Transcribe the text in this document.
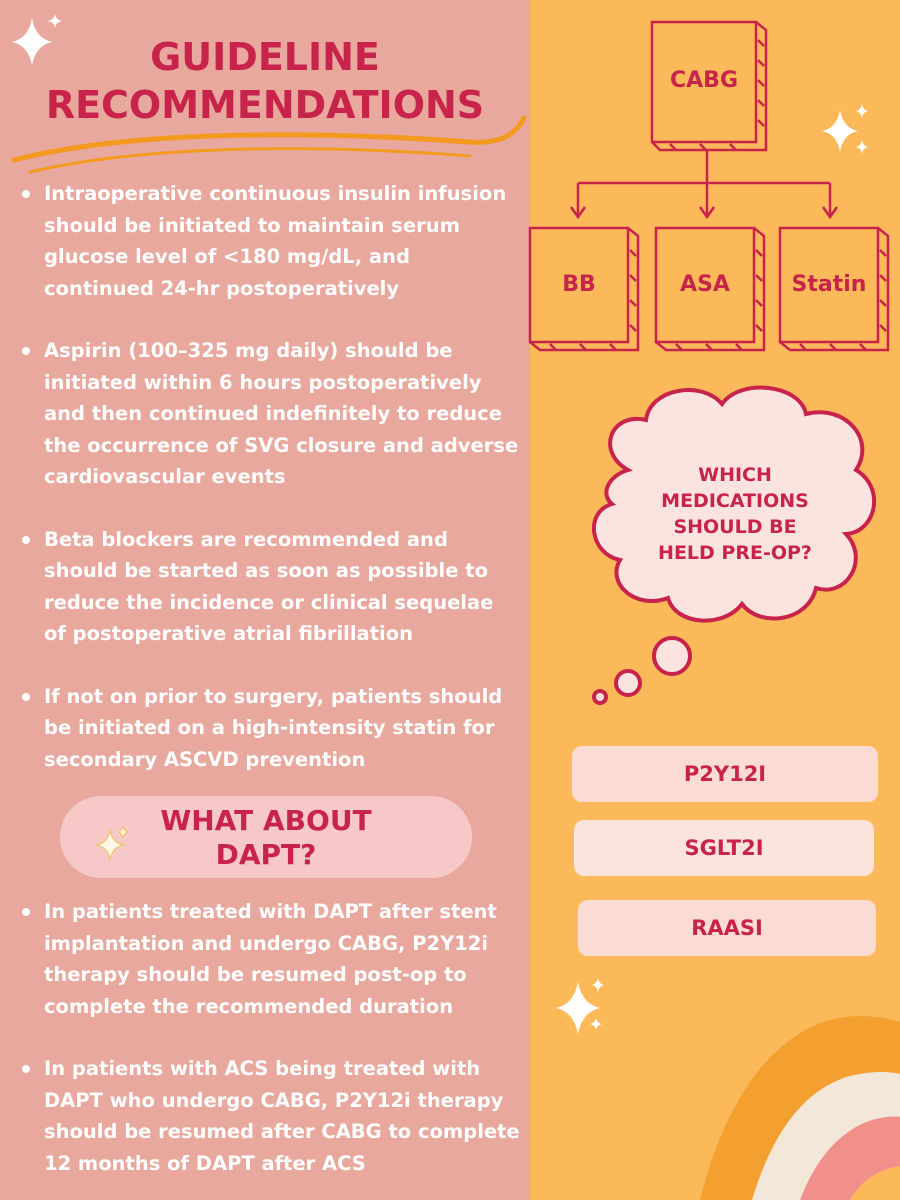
GUIDELINE
RECOMMENDATIONS
Intraoperative continuous insulin infusion should be initiated to maintain serum glucose level of <180 mg/dL, and continued 24-hr postoperatively
Aspirin (100–325 mg daily) should be initiated within 6 hours postoperatively and then continued indefinitely to reduce the occurrence of SVG closure and adverse cardiovascular events
Beta blockers are recommended and should be started as soon as possible to reduce the incidence or clinical sequelae of postoperative atrial fibrillation
If not on prior to surgery, patients should be initiated on a high-intensity statin for secondary ASCVD prevention
WHAT ABOUT
DAPT?
In patients treated with DAPT after stent implantation and undergo CABG, P2Y12i therapy should be resumed post-op to complete the recommended duration
In patients with ACS being treated with DAPT who undergo CABG, P2Y12i therapy should be resumed after CABG to complete 12 months of DAPT after ACS
CABG
BB	ASA	Statin
WHICH
MEDICATIONS
SHOULD BE
HELD PRE-OP?
P2Y12I
SGLT2I
RAASI
